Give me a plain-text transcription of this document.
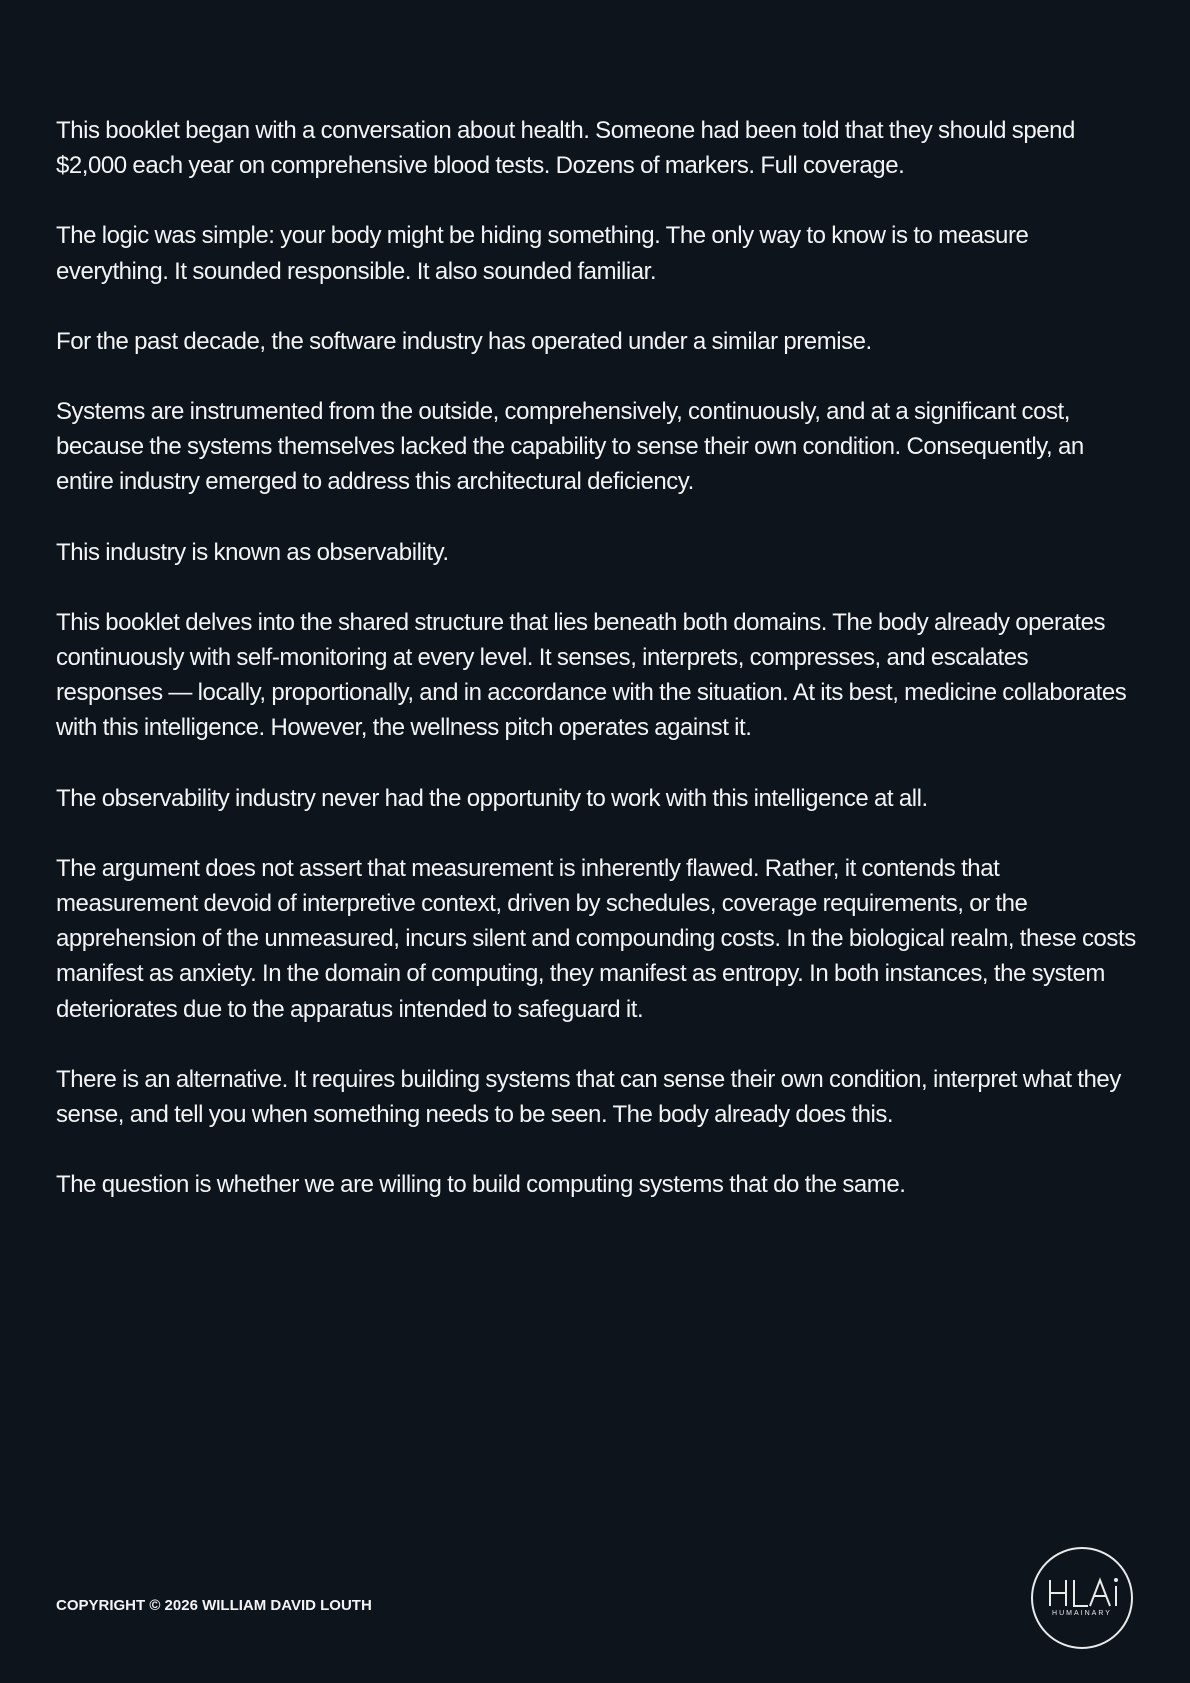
This booklet began with a conversation about health. Someone had been told that they should spend $2,000 each year on comprehensive blood tests. Dozens of markers. Full coverage.

The logic was simple: your body might be hiding something. The only way to know is to measure everything. It sounded responsible. It also sounded familiar.

For the past decade, the software industry has operated under a similar premise.

Systems are instrumented from the outside, comprehensively, continuously, and at a significant cost, because the systems themselves lacked the capability to sense their own condition. Consequently, an entire industry emerged to address this architectural deficiency.

This industry is known as observability.

This booklet delves into the shared structure that lies beneath both domains. The body already operates continuously with self-monitoring at every level. It senses, interprets, compresses, and escalates responses — locally, proportionally, and in accordance with the situation. At its best, medicine collaborates with this intelligence. However, the wellness pitch operates against it.

The observability industry never had the opportunity to work with this intelligence at all.

The argument does not assert that measurement is inherently flawed. Rather, it contends that measurement devoid of interpretive context, driven by schedules, coverage requirements, or the apprehension of the unmeasured, incurs silent and compounding costs. In the biological realm, these costs manifest as anxiety. In the domain of computing, they manifest as entropy. In both instances, the system deteriorates due to the apparatus intended to safeguard it.

There is an alternative. It requires building systems that can sense their own condition, interpret what they sense, and tell you when something needs to be seen. The body already does this.

The question is whether we are willing to build computing systems that do the same.

COPYRIGHT © 2026 WILLIAM DAVID LOUTH	HUMAINARY
